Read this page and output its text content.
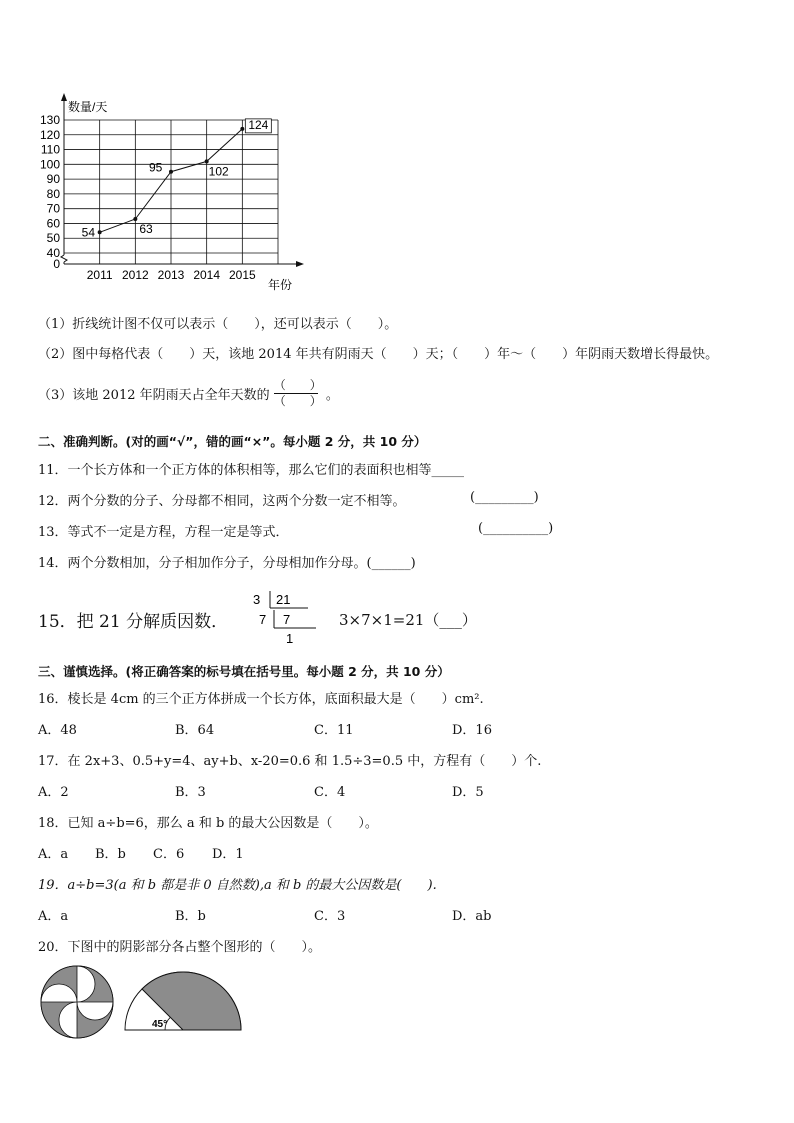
130
120
110
100
90
80
70
60
50
40
0
2011 2012 2013 2014 2015
54	63
95	102
124
数量/天
年份
（1）折线统计图不仅可以表示（　　），还可以表示（　　）。
（2）图中每格代表（　　）天，该地 2014 年共有阴雨天（　　）天；（　　）年～（　　）年阴雨天数增长得最快。
（3）该地 2012 年阴雨天占全年天数的 $\frac{( )}{( )}$ 。
二、准确判断。(对的画“√”，错的画“×”。每小题 2 分，共 10 分）
11．一个长方体和一个正方体的体积相等，那么它们的表面积也相等_____
12．两个分数的分子、分母都不相同，这两个分数一定不相等。	(_________)
13．等式不一定是方程，方程一定是等式．	(__________)
14．两个分数相加，分子相加作分子，分母相加作分母。(______)
15．把 21 分解质因数．
3 21
7 7
1
3×7×1=21（___）
三、谨慎选择。(将正确答案的标号填在括号里。每小题 2 分，共 10 分）
16．棱长是 4cm 的三个正方体拼成一个长方体，底面积最大是（　　）cm².
A．48	B．64	C．11	D．16
17．在 2x+3、0.5+y=4、ay+b、x-20=0.6 和 1.5÷3=0.5 中，方程有（　　）个.
A．2	B．3	C．4	D．5
18．已知 a÷b=6，那么 a 和 b 的最大公因数是（　　）。
A．a B．b C．6 D．1
19．a÷b=3(a 和 b 都是非 0 自然数),a 和 b 的最大公因数是(　　).
A．a	B．b	C．3	D．ab
20．下图中的阴影部分各占整个图形的（　　）。
45°
